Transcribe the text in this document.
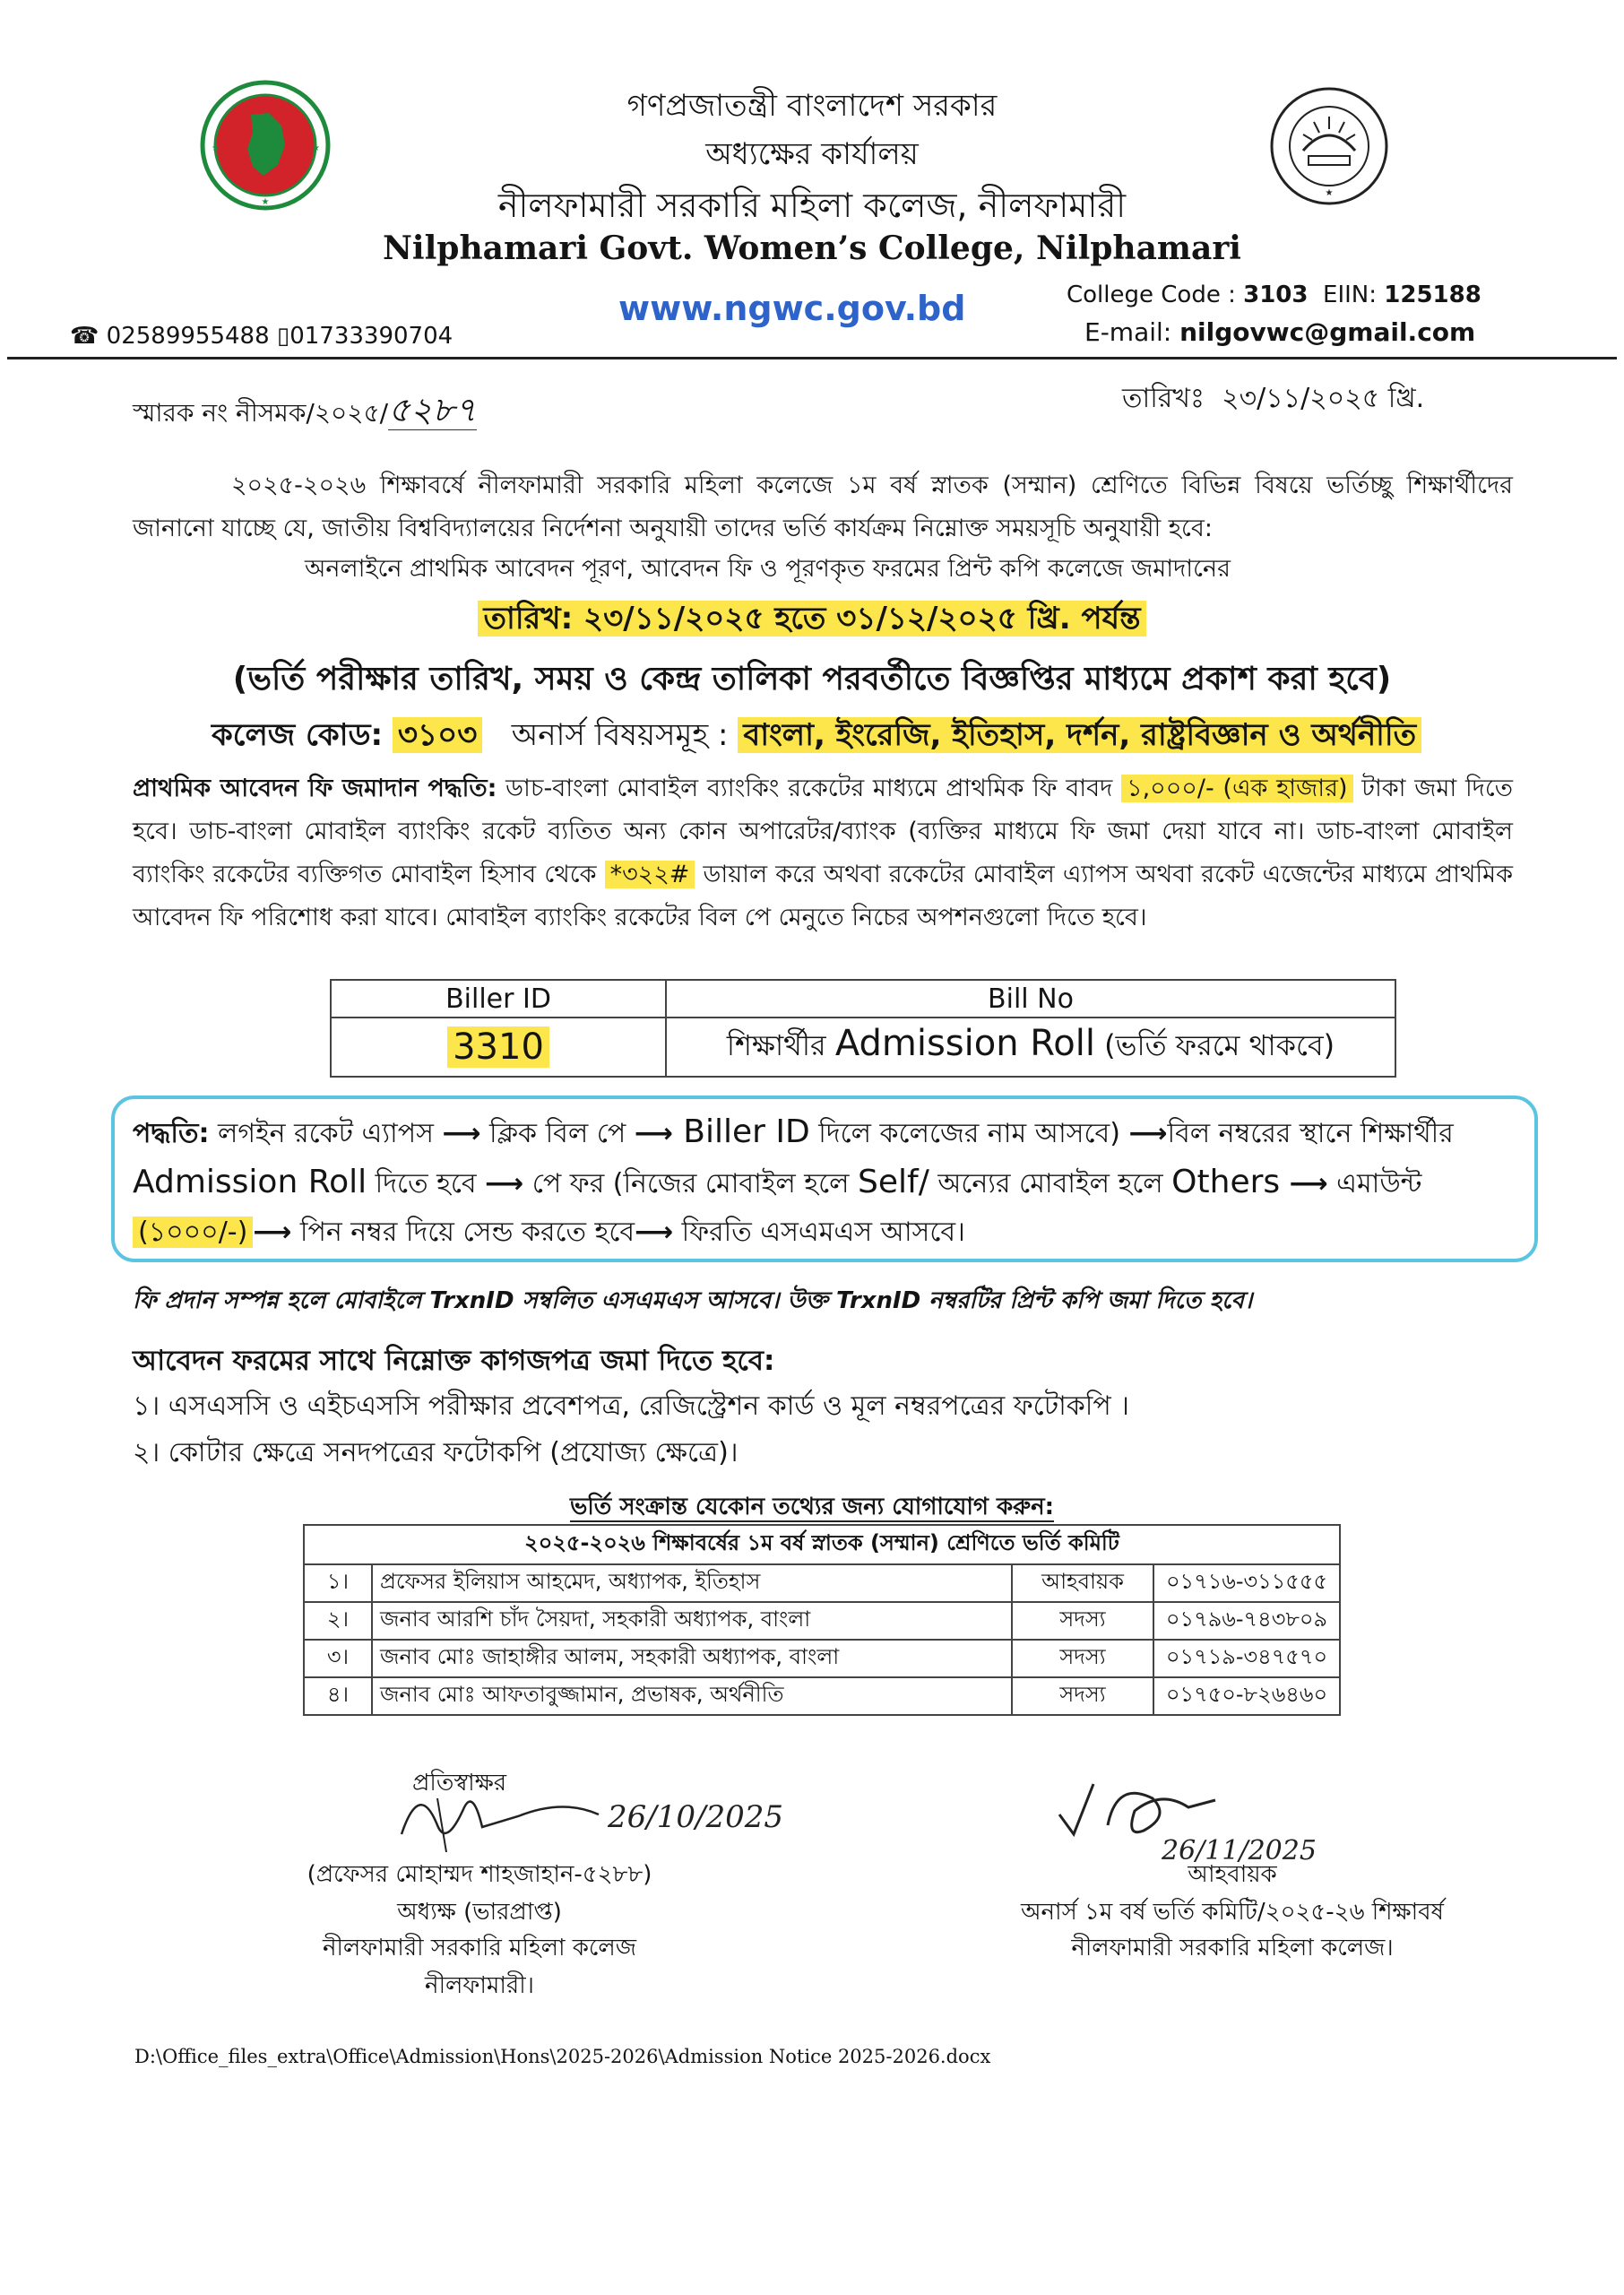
★
★	★
★
গণপ্রজাতন্ত্রী বাংলাদেশ সরকার
অধ্যক্ষের কার্যালয়
নীলফামারী সরকারি মহিলা কলেজ, নীলফামারী
Nilphamari Govt. Women’s College, Nilphamari
www.ngwc.gov.bd	College Code : 3103 EIIN: 125188
E-mail: nilgovwc@gmail.com
☎ 02589955488 ▯01733390704
স্মারক নং নীসমক/২০২৫/৫২৮৭	তারিখঃ ২৩/১১/২০২৫ খ্রি.
২০২৫-২০২৬ শিক্ষাবর্ষে নীলফামারী সরকারি মহিলা কলেজে ১ম বর্ষ স্নাতক (সম্মান) শ্রেণিতে বিভিন্ন বিষয়ে ভর্তিচ্ছু শিক্ষার্থীদের জানানো যাচ্ছে যে, জাতীয় বিশ্ববিদ্যালয়ের নির্দেশনা অনুযায়ী তাদের ভর্তি কার্যক্রম নিম্নোক্ত সময়সূচি অনুযায়ী হবে:
অনলাইনে প্রাথমিক আবেদন পূরণ, আবেদন ফি ও পূরণকৃত ফরমের প্রিন্ট কপি কলেজে জমাদানের
তারিখ: ২৩/১১/২০২৫ হতে ৩১/১২/২০২৫ খ্রি. পর্যন্ত
(ভর্তি পরীক্ষার তারিখ, সময় ও কেন্দ্র তালিকা পরবর্তীতে বিজ্ঞপ্তির মাধ্যমে প্রকাশ করা হবে)
কলেজ কোড: ৩১০৩ অনার্স বিষয়সমূহ : বাংলা, ইংরেজি, ইতিহাস, দর্শন, রাষ্ট্রবিজ্ঞান ও অর্থনীতি
প্রাথমিক আবেদন ফি জমাদান পদ্ধতি: ডাচ-বাংলা মোবাইল ব্যাংকিং রকেটের মাধ্যমে প্রাথমিক ফি বাবদ ১,০০০/- (এক হাজার) টাকা জমা দিতে হবে। ডাচ-বাংলা মোবাইল ব্যাংকিং রকেট ব্যতিত অন্য কোন অপারেটর/ব্যাংক (ব্যক্তির মাধ্যমে ফি জমা দেয়া যাবে না। ডাচ-বাংলা মোবাইল ব্যাংকিং রকেটের ব্যক্তিগত মোবাইল হিসাব থেকে *৩২২# ডায়াল করে অথবা রকেটের মোবাইল এ্যাপস অথবা রকেট এজেন্টের মাধ্যমে প্রাথমিক আবেদন ফি পরিশোধ করা যাবে। মোবাইল ব্যাংকিং রকেটের বিল পে মেনুতে নিচের অপশনগুলো দিতে হবে।
Biller ID	Bill No
3310	শিক্ষার্থীর Admission Roll (ভর্তি ফরমে থাকবে)
পদ্ধতি: লগইন রকেট এ্যাপস ⟶ ক্লিক বিল পে ⟶ Biller ID দিলে কলেজের নাম আসবে) ⟶বিল নম্বরের স্থানে শিক্ষার্থীর Admission Roll দিতে হবে ⟶ পে ফর (নিজের মোবাইল হলে Self/ অন্যের মোবাইল হলে Others ⟶ এমাউন্ট (১০০০/-) ⟶ পিন নম্বর দিয়ে সেন্ড করতে হবে⟶ ফিরতি এসএমএস আসবে।
ফি প্রদান সম্পন্ন হলে মোবাইলে TrxnID সম্বলিত এসএমএস আসবে। উক্ত TrxnID নম্বরটির প্রিন্ট কপি জমা দিতে হবে।
আবেদন ফরমের সাথে নিম্নোক্ত কাগজপত্র জমা দিতে হবে:
১। এসএসসি ও এইচএসসি পরীক্ষার প্রবেশপত্র, রেজিস্ট্রেশন কার্ড ও মূল নম্বরপত্রের ফটোকপি ।
২। কোটার ক্ষেত্রে সনদপত্রের ফটোকপি (প্রযোজ্য ক্ষেত্রে)।
ভর্তি সংক্রান্ত যেকোন তথ্যের জন্য যোগাযোগ করুন:
২০২৫-২০২৬ শিক্ষাবর্ষের ১ম বর্ষ স্নাতক (সম্মান) শ্রেণিতে ভর্তি কমিটি			
১।	প্রফেসর ইলিয়াস আহমেদ, অধ্যাপক, ইতিহাস	আহবায়ক	০১৭১৬-৩১১৫৫৫
২।	জনাব আরশি চাঁদ সৈয়দা, সহকারী অধ্যাপক, বাংলা	সদস্য	০১৭৯৬-৭৪৩৮০৯
৩।	জনাব মোঃ জাহাঙ্গীর আলম, সহকারী অধ্যাপক, বাংলা	সদস্য	০১৭১৯-৩৪৭৫৭০
৪।	জনাব মোঃ আফতাবুজ্জামান, প্রভাষক, অর্থনীতি	সদস্য	০১৭৫০-৮২৬৪৬০
26/10/2025
প্রতিস্বাক্ষর
(প্রফেসর মোহাম্মদ শাহজাহান-৫২৮৮)
অধ্যক্ষ (ভারপ্রাপ্ত)
নীলফামারী সরকারি মহিলা কলেজ
নীলফামারী।
26/11/2025
আহবায়ক
অনার্স ১ম বর্ষ ভর্তি কমিটি/২০২৫-২৬ শিক্ষাবর্ষ
নীলফামারী সরকারি মহিলা কলেজ।
D:\Office_files_extra\Office\Admission\Hons\2025-2026\Admission Notice 2025-2026.docx
